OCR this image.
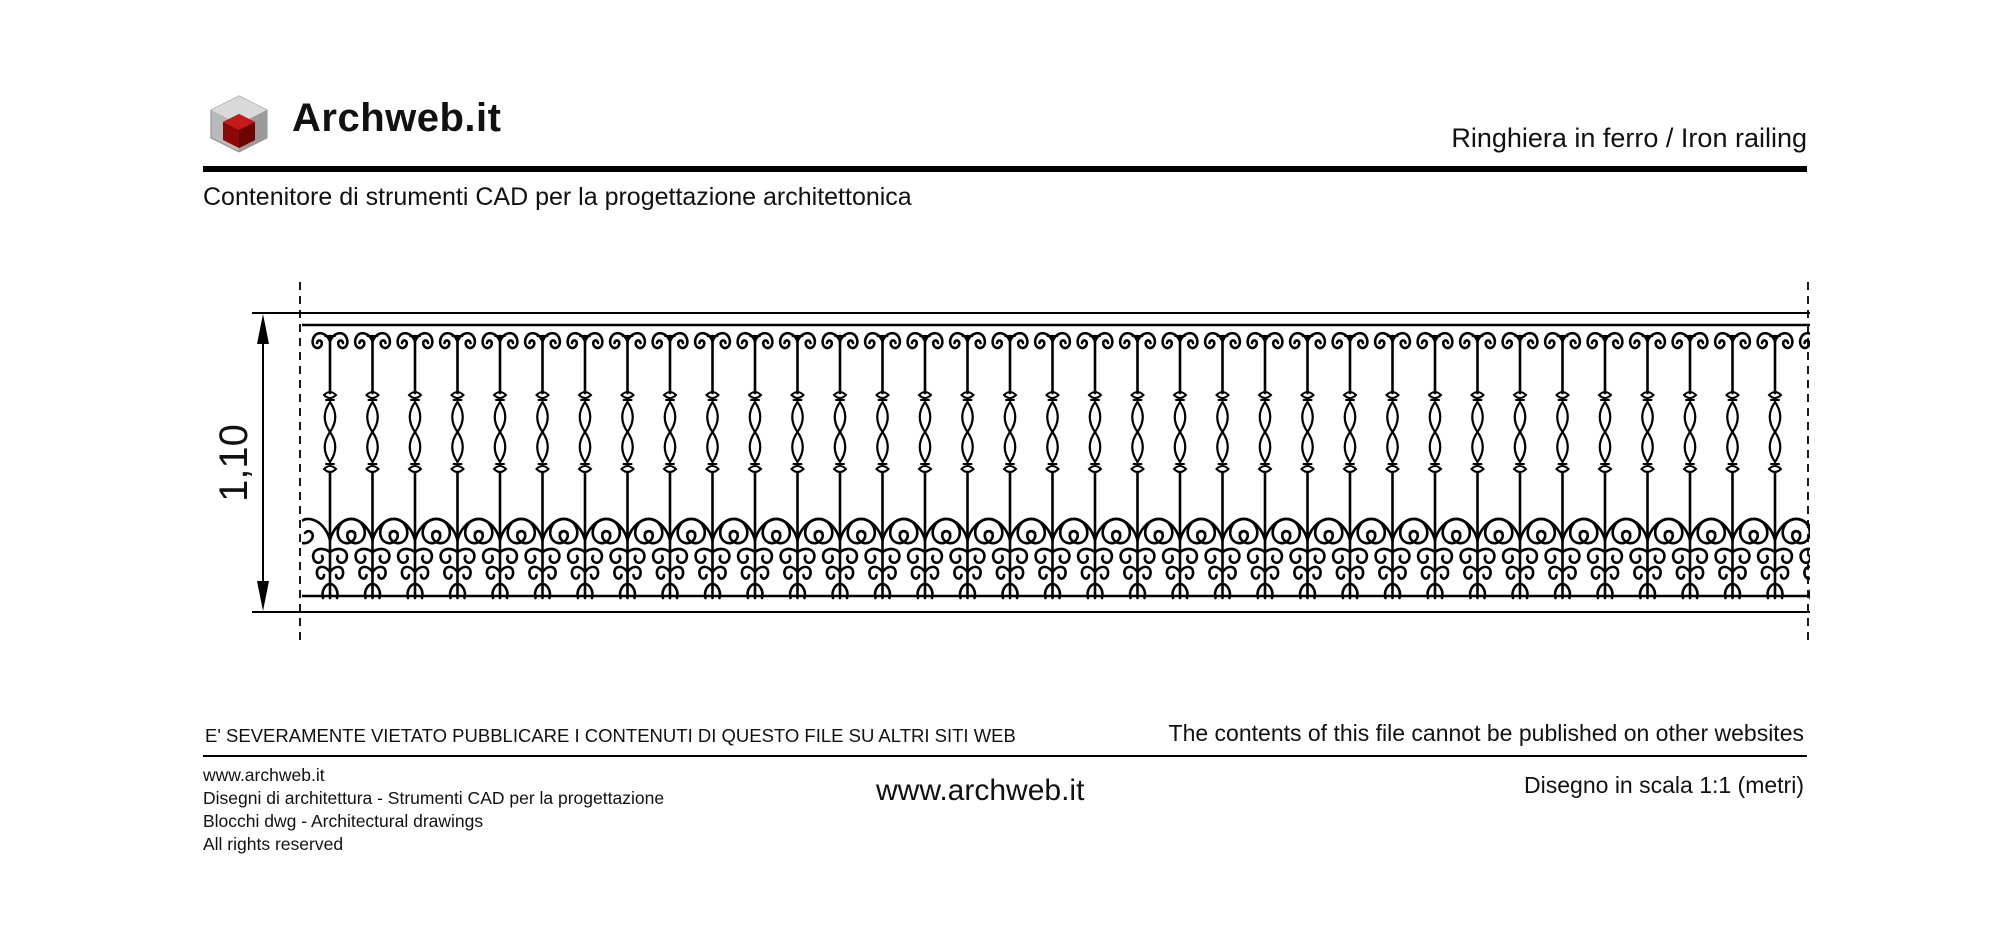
Archweb.it	Ringhiera in ferro / Iron railing
Contenitore di strumenti CAD per la progettazione architettonica
1,10
E' SEVERAMENTE VIETATO PUBBLICARE I CONTENUTI DI QUESTO FILE SU ALTRI SITI WEB	The contents of this file cannot be published on other websites
www.archweb.it
Disegni di architettura - Strumenti CAD per la progettazione
Blocchi dwg - Architectural drawings
All rights reserved
www.archweb.it	Disegno in scala 1:1 (metri)
